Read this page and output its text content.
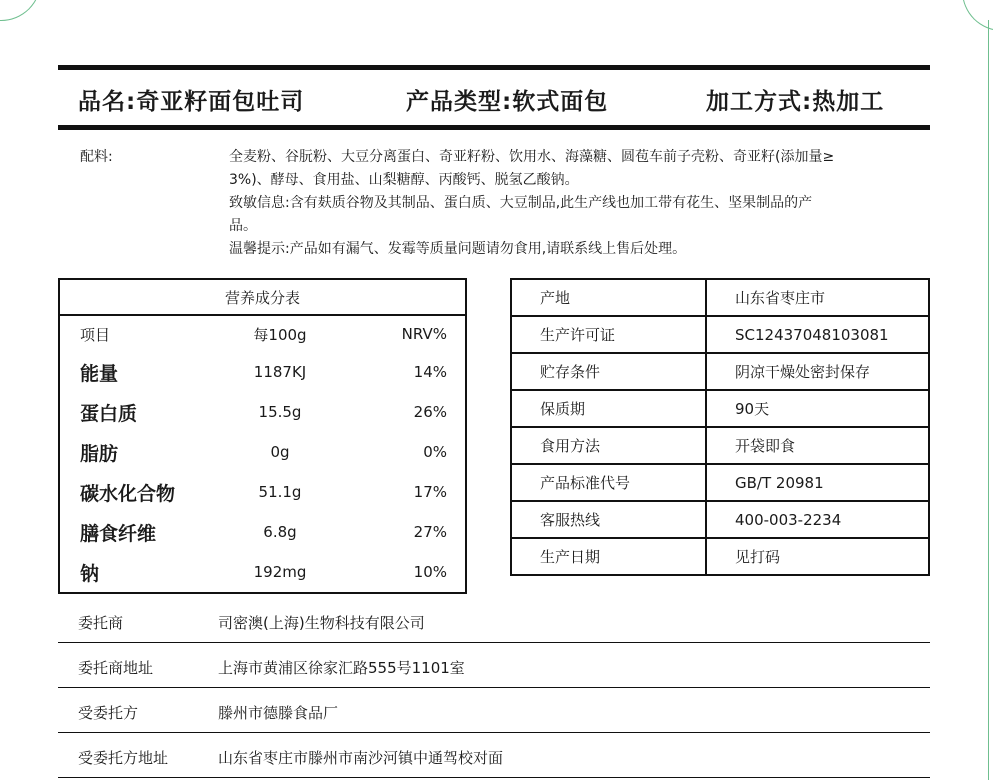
品名:奇亚籽面包吐司	产品类型:软式面包	加工方式:热加工
配料:	全麦粉、谷朊粉、大豆分离蛋白、奇亚籽粉、饮用水、海藻糖、圆苞车前子壳粉、奇亚籽(添加量≥
3%)、酵母、食用盐、山梨糖醇、丙酸钙、脱氢乙酸钠。
致敏信息:含有麸质谷物及其制品、蛋白质、大豆制品,此生产线也加工带有花生、坚果制品的产
品。
温馨提示:产品如有漏气、发霉等质量问题请勿食用,请联系线上售后处理。
营养成分表		
项目	每100g	NRV%
能量	1187KJ	14%
蛋白质	15.5g	26%
脂肪	0g	0%
碳水化合物	51.1g	17%
膳食纤维	6.8g	27%
钠	192mg	10%
产地	山东省枣庄市
生产许可证	SC12437048103081
贮存条件	阴凉干燥处密封保存
保质期	90天
食用方法	开袋即食
产品标准代号	GB/T 20981
客服热线	400-003-2234
生产日期	见打码
委托商	司密澳(上海)生物科技有限公司
委托商地址	上海市黄浦区徐家汇路555号1101室
受委托方	滕州市德滕食品厂
受委托方地址	山东省枣庄市滕州市南沙河镇中通驾校对面
